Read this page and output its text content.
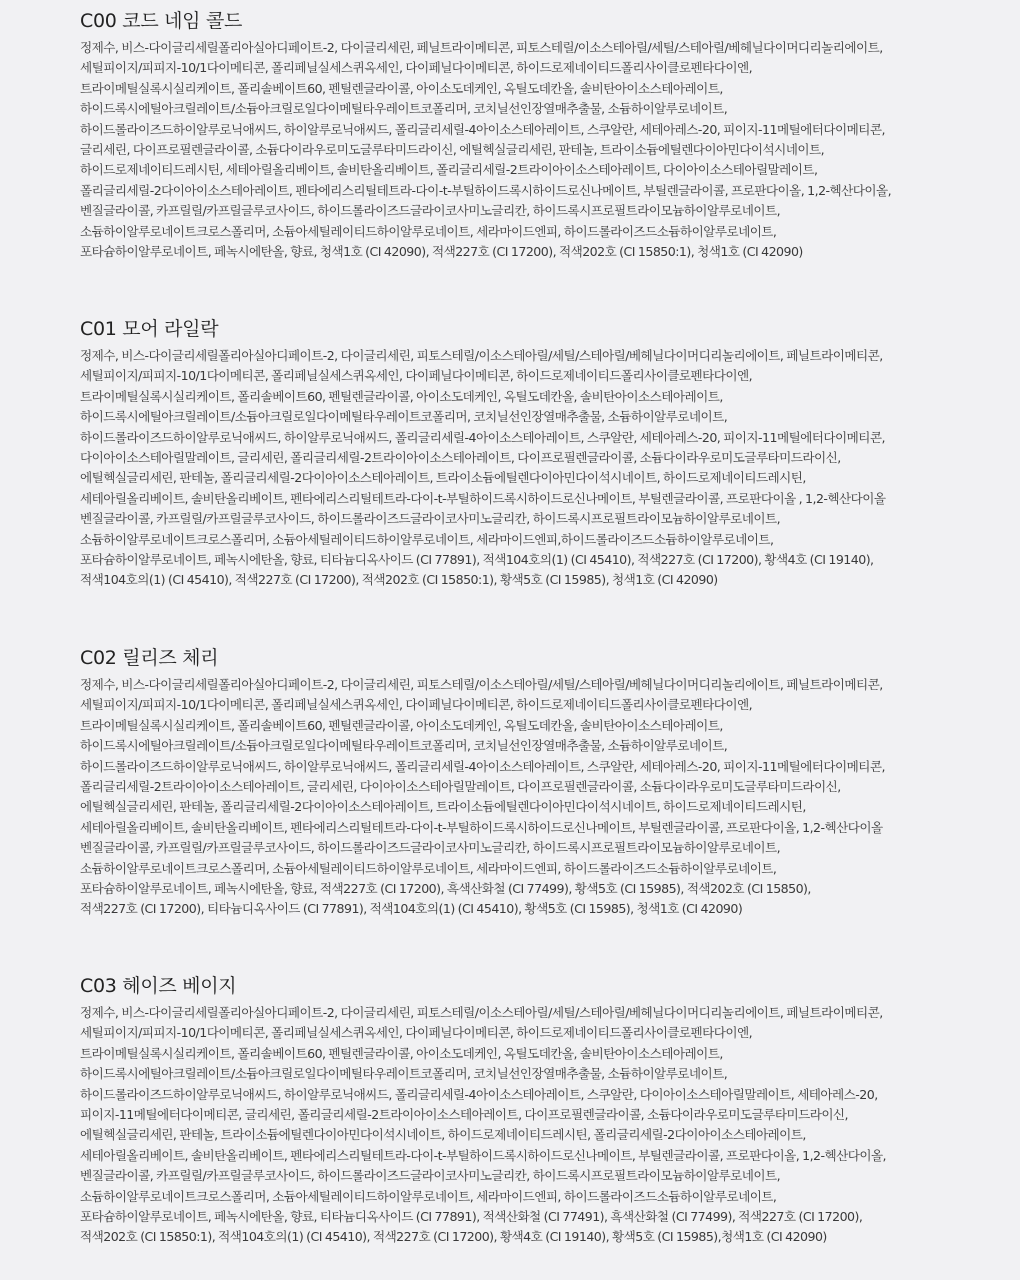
C00 코드 네임 콜드
정제수, 비스-다이글리세릴폴리아실아디페이트-2, 다이글리세린, 페닐트라이메티콘, 피토스테릴/이소스테아릴/세틸/스테아릴/베헤닐다이머디리놀리에이트,
세틸피이지/피피지-10/1다이메티콘, 폴리페닐실세스퀴옥세인, 다이페닐다이메티콘, 하이드로제네이티드폴리사이클로펜타다이엔,
트라이메틸실록시실리케이트, 폴리솔베이트60, 펜틸렌글라이콜, 아이소도데케인, 옥틸도데칸올, 솔비탄아이소스테아레이트,
하이드록시에틸아크릴레이트/소듐아크릴로일다이메틸타우레이트코폴리머, 코치닐선인장열매추출물, 소듐하이알루로네이트,
하이드롤라이즈드하이알루로닉애씨드, 하이알루로닉애씨드, 폴리글리세릴-4아이소스테아레이트, 스쿠알란, 세테아레스-20, 피이지-11메틸에터다이메티콘,
글리세린, 다이프로필렌글라이콜, 소듐다이라우로미도글루타미드라이신, 에틸헥실글리세린, 판테놀, 트라이소듐에틸렌다이아민다이석시네이트,
하이드로제네이티드레시틴, 세테아릴올리베이트, 솔비탄올리베이트, 폴리글리세릴-2트라이아이소스테아레이트, 다이아이소스테아릴말레이트,
폴리글리세릴-2다이아이소스테아레이트, 펜타에리스리틸테트라-다이-t-부틸하이드록시하이드로신나메이트, 부틸렌글라이콜, 프로판다이올, 1,2-헥산다이올,
벤질글라이콜, 카프릴릴/카프릴글루코사이드, 하이드롤라이즈드글라이코사미노글리칸, 하이드록시프로필트라이모늄하이알루로네이트,
소듐하이알루로네이트크로스폴리머, 소듐아세틸레이티드하이알루로네이트, 세라마이드엔피, 하이드롤라이즈드소듐하이알루로네이트,
포타슘하이알루로네이트, 페녹시에탄올, 향료, 청색1호 (CI 42090), 적색227호 (CI 17200), 적색202호 (CI 15850:1), 청색1호 (CI 42090)
C01 모어 라일락
정제수, 비스-다이글리세릴폴리아실아디페이트-2, 다이글리세린, 피토스테릴/이소스테아릴/세틸/스테아릴/베헤닐다이머디리놀리에이트, 페닐트라이메티콘,
세틸피이지/피피지-10/1다이메티콘, 폴리페닐실세스퀴옥세인, 다이페닐다이메티콘, 하이드로제네이티드폴리사이클로펜타다이엔,
트라이메틸실록시실리케이트, 폴리솔베이트60, 펜틸렌글라이콜, 아이소도데케인, 옥틸도데칸올, 솔비탄아이소스테아레이트,
하이드록시에틸아크릴레이트/소듐아크릴로일다이메틸타우레이트코폴리머, 코치닐선인장열매추출물, 소듐하이알루로네이트,
하이드롤라이즈드하이알루로닉애씨드, 하이알루로닉애씨드, 폴리글리세릴-4아이소스테아레이트, 스쿠알란, 세테아레스-20, 피이지-11메틸에터다이메티콘,
다이아이소스테아릴말레이트, 글리세린, 폴리글리세릴-2트라이아이소스테아레이트, 다이프로필렌글라이콜, 소듐다이라우로미도글루타미드라이신,
에틸헥실글리세린, 판테놀, 폴리글리세릴-2다이아이소스테아레이트, 트라이소듐에틸렌다이아민다이석시네이트, 하이드로제네이티드레시틴,
세테아릴올리베이트, 솔비탄올리베이트, 펜타에리스리틸테트라-다이-t-부틸하이드록시하이드로신나메이트, 부틸렌글라이콜, 프로판다이올 , 1,2-헥산다이올
벤질글라이콜, 카프릴릴/카프릴글루코사이드, 하이드롤라이즈드글라이코사미노글리칸, 하이드록시프로필트라이모늄하이알루로네이트,
소듐하이알루로네이트크로스폴리머, 소듐아세틸레이티드하이알루로네이트, 세라마이드엔피,하이드롤라이즈드소듐하이알루로네이트,
포타슘하이알루로네이트, 페녹시에탄올, 향료, 티타늄디옥사이드 (CI 77891), 적색104호의(1) (CI 45410), 적색227호 (CI 17200), 황색4호 (CI 19140),
적색104호의(1) (CI 45410), 적색227호 (CI 17200), 적색202호 (CI 15850:1), 황색5호 (CI 15985), 청색1호 (CI 42090)
C02 릴리즈 체리
정제수, 비스-다이글리세릴폴리아실아디페이트-2, 다이글리세린, 피토스테릴/이소스테아릴/세틸/스테아릴/베헤닐다이머디리놀리에이트, 페닐트라이메티콘,
세틸피이지/피피지-10/1다이메티콘, 폴리페닐실세스퀴옥세인, 다이페닐다이메티콘, 하이드로제네이티드폴리사이클로펜타다이엔,
트라이메틸실록시실리케이트, 폴리솔베이트60, 펜틸렌글라이콜, 아이소도데케인, 옥틸도데칸올, 솔비탄아이소스테아레이트,
하이드록시에틸아크릴레이트/소듐아크릴로일다이메틸타우레이트코폴리머, 코치닐선인장열매추출물, 소듐하이알루로네이트,
하이드롤라이즈드하이알루로닉애씨드, 하이알루로닉애씨드, 폴리글리세릴-4아이소스테아레이트, 스쿠알란, 세테아레스-20, 피이지-11메틸에터다이메티콘,
폴리글리세릴-2트라이아이소스테아레이트, 글리세린, 다이아이소스테아릴말레이트, 다이프로필렌글라이콜, 소듐다이라우로미도글루타미드라이신,
에틸헥실글리세린, 판테놀, 폴리글리세릴-2다이아이소스테아레이트, 트라이소듐에틸렌다이아민다이석시네이트, 하이드로제네이티드레시틴,
세테아릴올리베이트, 솔비탄올리베이트, 펜타에리스리틸테트라-다이-t-부틸하이드록시하이드로신나메이트, 부틸렌글라이콜, 프로판다이올, 1,2-헥산다이올
벤질글라이콜, 카프릴릴/카프릴글루코사이드, 하이드롤라이즈드글라이코사미노글리칸, 하이드록시프로필트라이모늄하이알루로네이트,
소듐하이알루로네이트크로스폴리머, 소듐아세틸레이티드하이알루로네이트, 세라마이드엔피, 하이드롤라이즈드소듐하이알루로네이트,
포타슘하이알루로네이트, 페녹시에탄올, 향료, 적색227호 (CI 17200), 흑색산화철 (CI 77499), 황색5호 (CI 15985), 적색202호 (CI 15850),
적색227호 (CI 17200), 티타늄디옥사이드 (CI 77891), 적색104호의(1) (CI 45410), 황색5호 (CI 15985), 청색1호 (CI 42090)
C03 헤이즈 베이지
정제수, 비스-다이글리세릴폴리아실아디페이트-2, 다이글리세린, 피토스테릴/이소스테아릴/세틸/스테아릴/베헤닐다이머디리놀리에이트, 페닐트라이메티콘,
세틸피이지/피피지-10/1다이메티콘, 폴리페닐실세스퀴옥세인, 다이페닐다이메티콘, 하이드로제네이티드폴리사이클로펜타다이엔,
트라이메틸실록시실리케이트, 폴리솔베이트60, 펜틸렌글라이콜, 아이소도데케인, 옥틸도데칸올, 솔비탄아이소스테아레이트,
하이드록시에틸아크릴레이트/소듐아크릴로일다이메틸타우레이트코폴리머, 코치닐선인장열매추출물, 소듐하이알루로네이트,
하이드롤라이즈드하이알루로닉애씨드, 하이알루로닉애씨드, 폴리글리세릴-4아이소스테아레이트, 스쿠알란, 다이아이소스테아릴말레이트, 세테아레스-20,
피이지-11메틸에터다이메티콘, 글리세린, 폴리글리세릴-2트라이아이소스테아레이트, 다이프로필렌글라이콜, 소듐다이라우로미도글루타미드라이신,
에틸헥실글리세린, 판테놀, 트라이소듐에틸렌다이아민다이석시네이트, 하이드로제네이티드레시틴, 폴리글리세릴-2다이아이소스테아레이트,
세테아릴올리베이트, 솔비탄올리베이트, 펜타에리스리틸테트라-다이-t-부틸하이드록시하이드로신나메이트, 부틸렌글라이콜, 프로판다이올, 1,2-헥산다이올,
벤질글라이콜, 카프릴릴/카프릴글루코사이드, 하이드롤라이즈드글라이코사미노글리칸, 하이드록시프로필트라이모늄하이알루로네이트,
소듐하이알루로네이트크로스폴리머, 소듐아세틸레이티드하이알루로네이트, 세라마이드엔피, 하이드롤라이즈드소듐하이알루로네이트,
포타슘하이알루로네이트, 페녹시에탄올, 향료, 티타늄디옥사이드 (CI 77891), 적색산화철 (CI 77491), 흑색산화철 (CI 77499), 적색227호 (CI 17200),
적색202호 (CI 15850:1), 적색104호의(1) (CI 45410), 적색227호 (CI 17200), 황색4호 (CI 19140), 황색5호 (CI 15985),청색1호 (CI 42090)
